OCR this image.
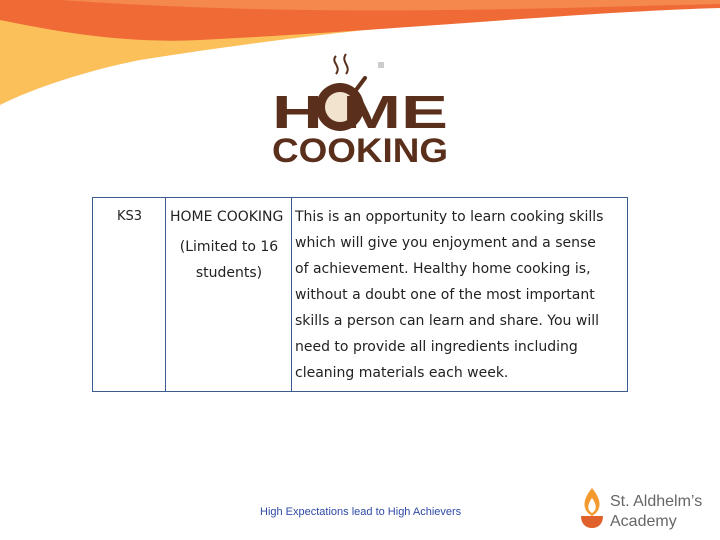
H ME
COOKING
KS3 HOME COOKING
(Limited to 16
students)
This is an opportunity to learn cooking skills
which will give you enjoyment and a sense
of achievement. Healthy home cooking is,
without a doubt one of the most important
skills a person can learn and share. You will
need to provide all ingredients including
cleaning materials each week.
High Expectations lead to High Achievers
St. Aldhelm’s
Academy
